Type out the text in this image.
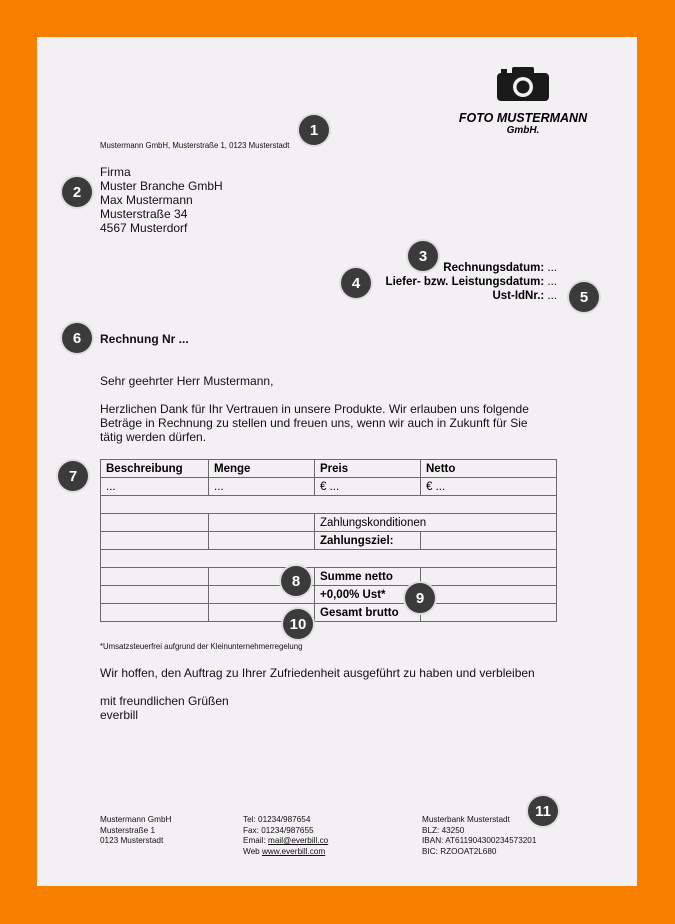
FOTO MUSTERMANN
GmbH.
Mustermann GmbH, Musterstraße 1, 0123 Musterstadt
Firma
Muster Branche GmbH
Max Mustermann
Musterstraße 34
4567 Musterdorf
Rechnungsdatum: ...
Liefer- bzw. Leistungsdatum: ...
Ust-IdNr.: ...
Rechnung Nr ...
Sehr geehrter Herr Mustermann,
Herzlichen Dank für Ihr Vertrauen in unsere Produkte. Wir erlauben uns folgende
Beträge in Rechnung zu stellen und freuen uns, wenn wir auch in Zukunft für Sie
tätig werden dürfen.
Beschreibung	Menge	Preis	Netto
...	...	€ ...	€ ...

		Zahlungskonditionen	
		Zahlungsziel:	

		Summe netto	
		+0,00% Ust*	
		Gesamt brutto	
*Umsatzsteuerfrei aufgrund der Kleinunternehmerregelung
Wir hoffen, den Auftrag zu Ihrer Zufriedenheit ausgeführt zu haben und verbleiben
mit freundlichen Grüßen
everbill
Mustermann GmbH
Musterstraße 1
0123 Musterstadt
Tel: 01234/987654
Fax: 01234/987655
Email: mail@everbill.co
Web www.everbill.com
Musterbank Musterstadt
BLZ: 43250
IBAN: AT611904300234573201
BIC: RZOOAT2L680
1
2
3
4
5
6
7
8
9
10
11
